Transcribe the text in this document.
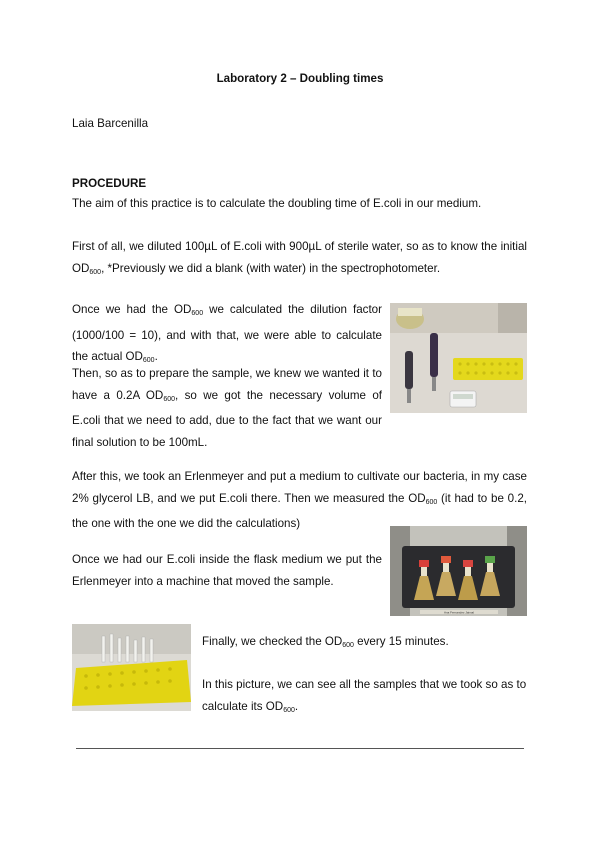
Laboratory 2 – Doubling times
Laia Barcenilla
PROCEDURE

The aim of this practice is to calculate the doubling time of E.coli in our medium.

First of all, we diluted 100µL of E.coli with 900µL of sterile water, so as to know the initial $OD_{600}$, *Previously we did a blank (with water) in the spectrophotometer.

Once we had the $OD_{600}$ we calculated the dilution factor (1000/100 = 10), and with that, we were able to calculate the actual $OD_{600}$.

Then, so as to prepare the sample, we knew we wanted it to have a 0.2A $OD_{600}$, so we got the necessary volume of E.coli that we need to add, due to the fact that we want our final solution to be 100mL.

After this, we took an Erlenmeyer and put a medium to cultivate our bacteria, in my case 2% glycerol LB, and we put E.coli there. Then we measured the $OD_{600}$ (it had to be 0.2, the one with the one we did the calculations)

Once we had our E.coli inside the flask medium we put the Erlenmeyer into a machine that moved the sample.

Ana Fernandez Jaimal

Finally, we checked the $OD_{600}$ every 15 minutes.

In this picture, we can see all the samples that we took so as to calculate its $OD_{600}$.
